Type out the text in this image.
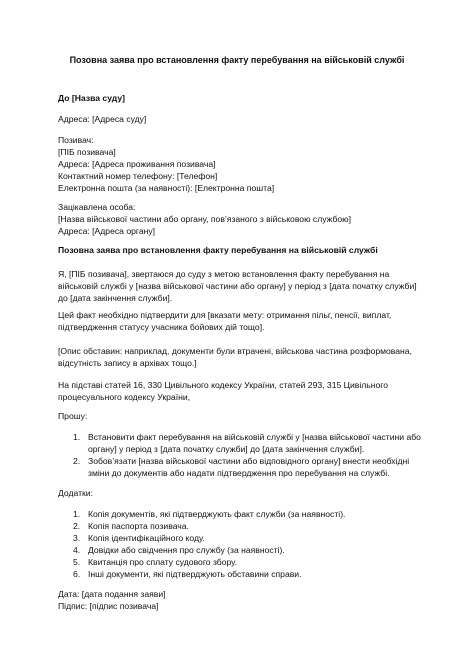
Позовна заява про встановлення факту перебування на військовій службі
До [Назва суду]
Адреса: [Адреса суду]
Позивач:
[ПІБ позивача]
Адреса: [Адреса проживання позивача]
Контактний номер телефону: [Телефон]
Електронна пошта (за наявності): [Електронна пошта]
Зацікавлена особа:
[Назва військової частини або органу, пов’язаного з військовою службою]
Адреса: [Адреса органу]
Позовна заява про встановлення факту перебування на військовій службі
Я, [ПІБ позивача], звертаюся до суду з метою встановлення факту перебування на військовій службі у [назва військової частини або органу] у період з [дата початку служби] до [дата закінчення служби].
Цей факт необхідно підтвердити для [вказати мету: отримання пільг, пенсії, виплат, підтвердження статусу учасника бойових дій тощо].
[Опис обставин: наприклад, документи були втрачені, військова частина розформована, відсутність запису в архівах тощо.]
На підставі статей 16, 330 Цивільного кодексу України, статей 293, 315 Цивільного процесуального кодексу України,
Прошу:
1. Встановити факт перебування на військовій службі у [назва військової частини або органу] у період з [дата початку служби] до [дата закінчення служби].
2. Зобов’язати [назва військової частини або відповідного органу] внести необхідні зміни до документів або надати підтвердження про перебування на службі.
Додатки:
1. Копія документів, які підтверджують факт служби (за наявності).
2. Копія паспорта позивача.
3. Копія ідентифікаційного коду.
4. Довідки або свідчення про службу (за наявності).
5. Квитанція про сплату судового збору.
6. Інші документи, які підтверджують обставини справи.
Дата: [дата подання заяви]
Підпис: [підпис позивача]
